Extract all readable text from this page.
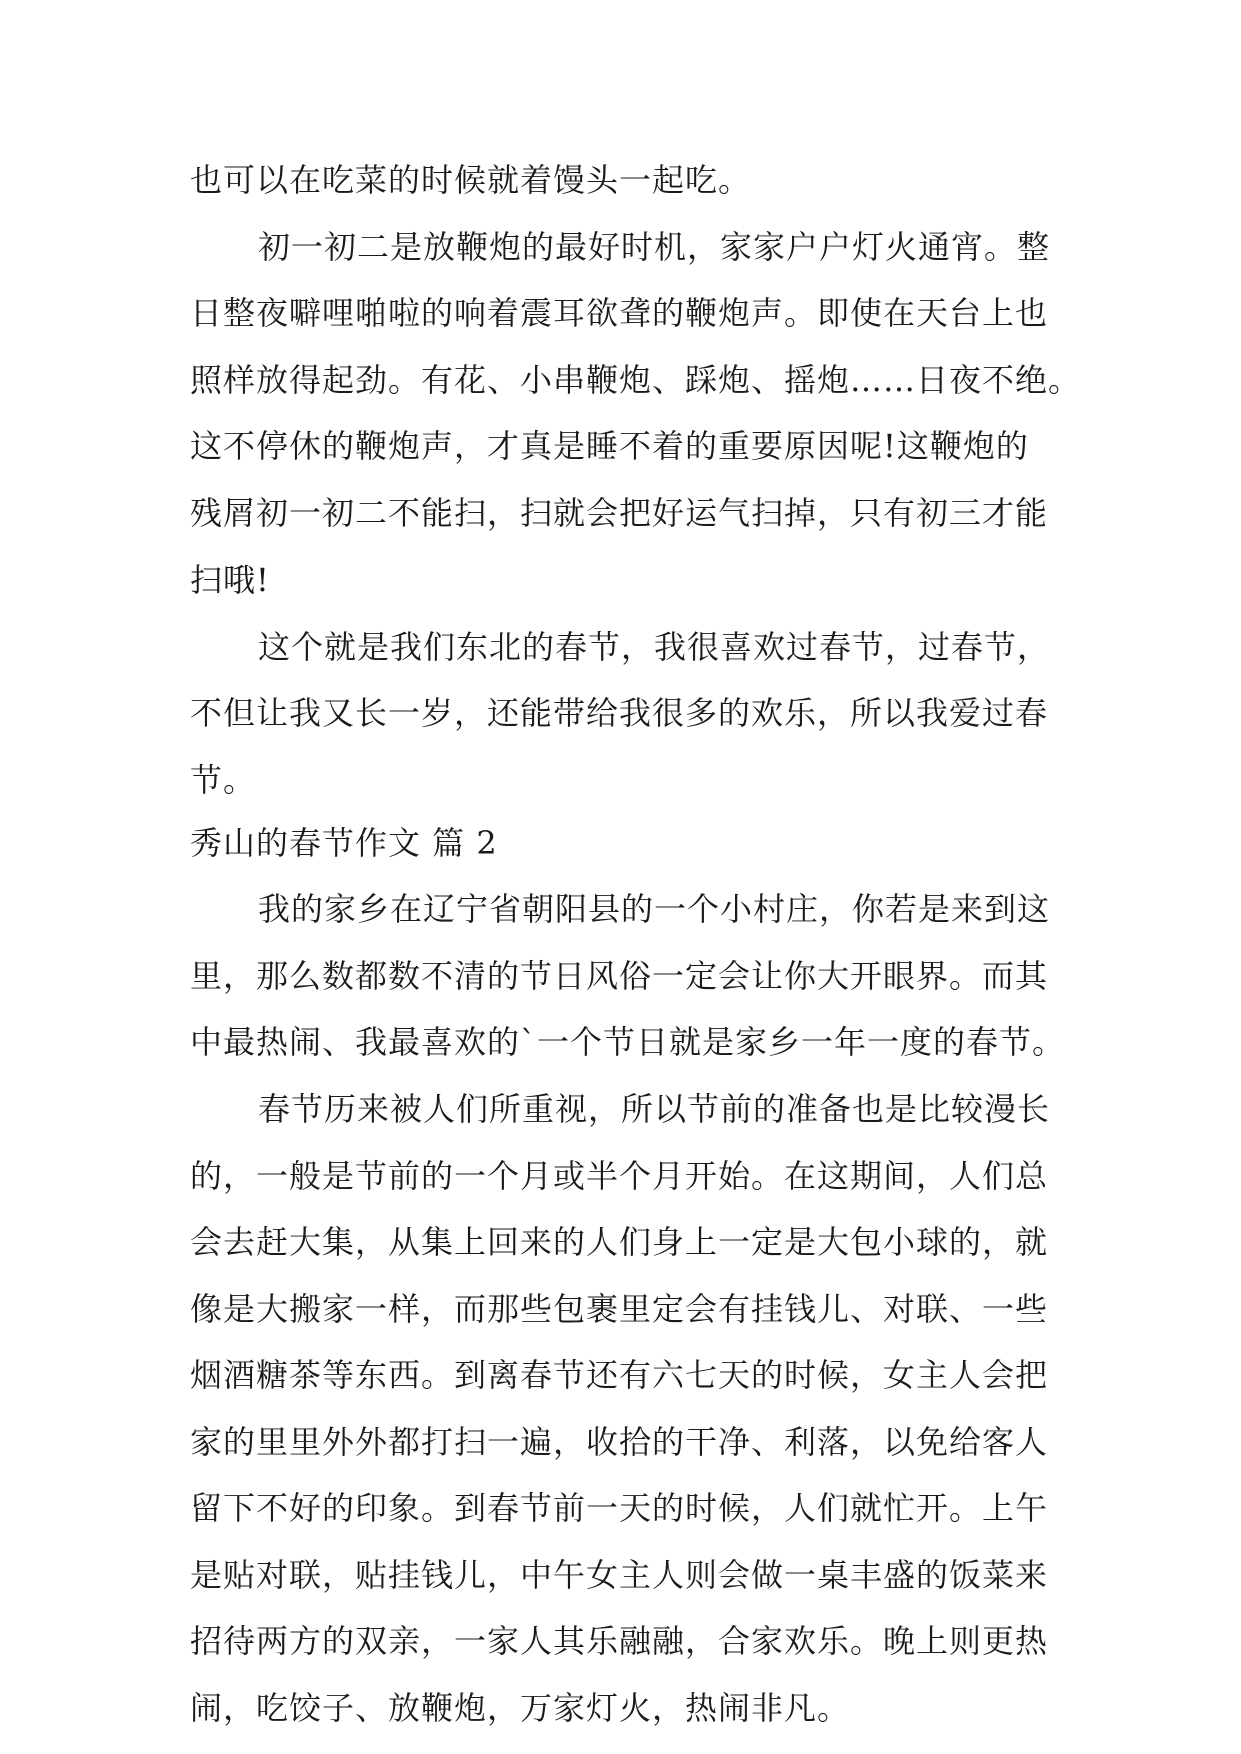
也可以在吃菜的时候就着馒头一起吃。
初一初二是放鞭炮的最好时机，家家户户灯火通宵。整
日整夜噼哩啪啦的响着震耳欲聋的鞭炮声。即使在天台上也
照样放得起劲。有花、小串鞭炮、踩炮、摇炮……日夜不绝。
这不停休的鞭炮声，才真是睡不着的重要原因呢!这鞭炮的
残屑初一初二不能扫，扫就会把好运气扫掉，只有初三才能
扫哦!
这个就是我们东北的春节，我很喜欢过春节，过春节，
不但让我又长一岁，还能带给我很多的欢乐，所以我爱过春
节。
秀山的春节作文 篇 2
我的家乡在辽宁省朝阳县的一个小村庄，你若是来到这
里，那么数都数不清的节日风俗一定会让你大开眼界。而其
中最热闹、我最喜欢的`一个节日就是家乡一年一度的春节。
春节历来被人们所重视，所以节前的准备也是比较漫长
的，一般是节前的一个月或半个月开始。在这期间，人们总
会去赶大集，从集上回来的人们身上一定是大包小球的，就
像是大搬家一样，而那些包裹里定会有挂钱儿、对联、一些
烟酒糖茶等东西。到离春节还有六七天的时候，女主人会把
家的里里外外都打扫一遍，收拾的干净、利落，以免给客人
留下不好的印象。到春节前一天的时候，人们就忙开。上午
是贴对联，贴挂钱儿，中午女主人则会做一桌丰盛的饭菜来
招待两方的双亲，一家人其乐融融，合家欢乐。晚上则更热
闹，吃饺子、放鞭炮，万家灯火，热闹非凡。
